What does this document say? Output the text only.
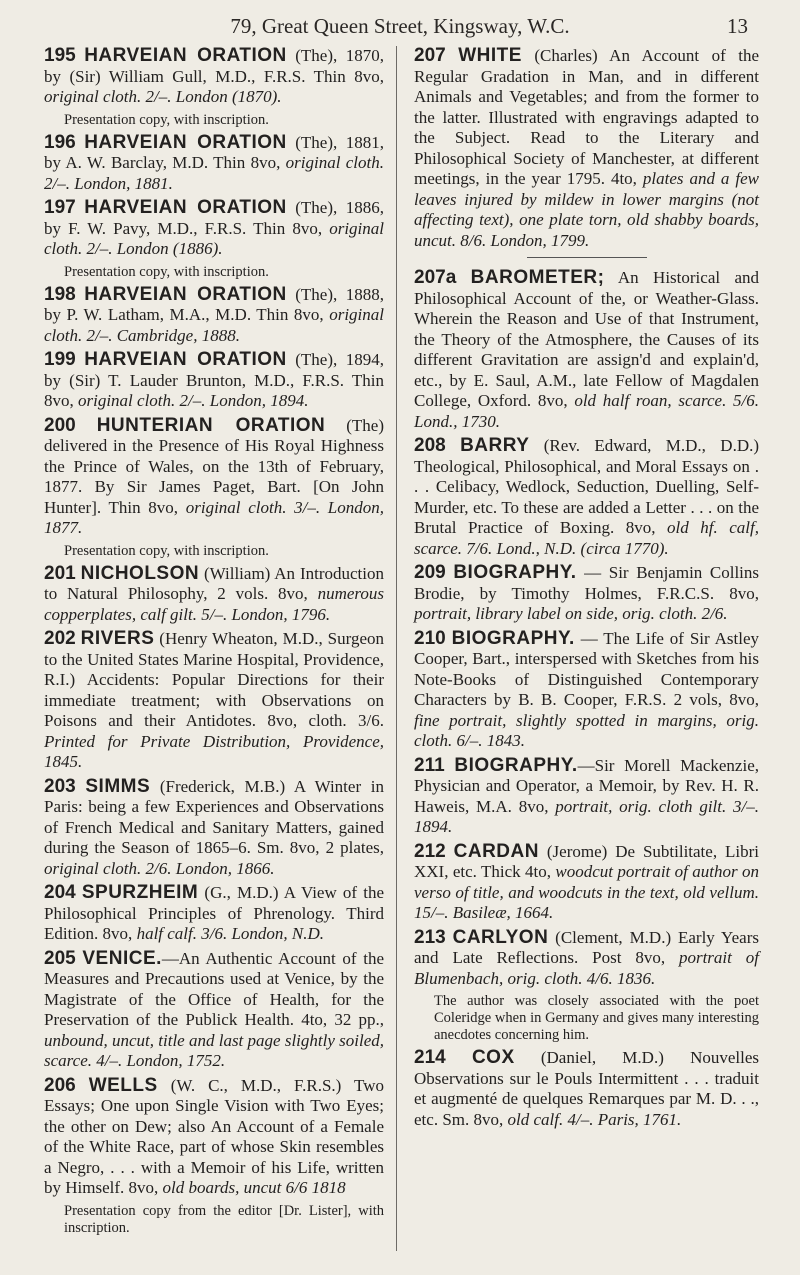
79, Great Queen Street, Kingsway, W.C.	13
195 HARVEIAN ORATION (The), 1870, by (Sir) William Gull, M.D., F.R.S. Thin 8vo, original cloth. 2/–. London (1870).
Presentation copy, with inscription.
196 HARVEIAN ORATION (The), 1881, by A. W. Barclay, M.D. Thin 8vo, original cloth. 2/–. London, 1881.
197 HARVEIAN ORATION (The), 1886, by F. W. Pavy, M.D., F.R.S. Thin 8vo, original cloth. 2/–. London (1886).
Presentation copy, with inscription.
198 HARVEIAN ORATION (The), 1888, by P. W. Latham, M.A., M.D. Thin 8vo, original cloth. 2/–. Cambridge, 1888.
199 HARVEIAN ORATION (The), 1894, by (Sir) T. Lauder Brunton, M.D., F.R.S. Thin 8vo, original cloth. 2/–. London, 1894.
200 HUNTERIAN ORATION (The) delivered in the Presence of His Royal Highness the Prince of Wales, on the 13th of February, 1877. By Sir James Paget, Bart. [On John Hunter]. Thin 8vo, original cloth. 3/–. London, 1877.
Presentation copy, with inscription.
201 NICHOLSON (William) An Introduction to Natural Philosophy, 2 vols. 8vo, numerous copperplates, calf gilt. 5/–. London, 1796.
202 RIVERS (Henry Wheaton, M.D., Surgeon to the United States Marine Hospital, Providence, R.I.) Accidents: Popular Directions for their immediate treatment; with Observations on Poisons and their Antidotes. 8vo, cloth. 3/6. Printed for Private Distribution, Providence, 1845.
203 SIMMS (Frederick, M.B.) A Winter in Paris: being a few Experiences and Observations of French Medical and Sanitary Matters, gained during the Season of 1865–6. Sm. 8vo, 2 plates, original cloth. 2/6. London, 1866.
204 SPURZHEIM (G., M.D.) A View of the Philosophical Principles of Phrenology. Third Edition. 8vo, half calf. 3/6. London, N.D.
205 VENICE.—An Authentic Account of the Measures and Precautions used at Venice, by the Magistrate of the Office of Health, for the Preservation of the Publick Health. 4to, 32 pp., unbound, uncut, title and last page slightly soiled, scarce. 4/–. London, 1752.
206 WELLS (W. C., M.D., F.R.S.) Two Essays; One upon Single Vision with Two Eyes; the other on Dew; also An Account of a Female of the White Race, part of whose Skin resembles a Negro, . . . with a Memoir of his Life, written by Himself. 8vo, old boards, uncut 6/6 1818
Presentation copy from the editor [Dr. Lister], with inscription.
207 WHITE (Charles) An Account of the Regular Gradation in Man, and in different Animals and Vegetables; and from the former to the latter. Illustrated with engravings adapted to the Subject. Read to the Literary and Philosophical Society of Manchester, at different meetings, in the year 1795. 4to, plates and a few leaves injured by mildew in lower margins (not affecting text), one plate torn, old shabby boards, uncut. 8/6. London, 1799.
207a BAROMETER; An Historical and Philosophical Account of the, or Weather-Glass. Wherein the Reason and Use of that Instrument, the Theory of the Atmosphere, the Causes of its different Gravitation are assign'd and explain'd, etc., by E. Saul, A.M., late Fellow of Magdalen College, Oxford. 8vo, old half roan, scarce. 5/6. Lond., 1730.
208 BARRY (Rev. Edward, M.D., D.D.) Theological, Philosophical, and Moral Essays on . . . Celibacy, Wedlock, Seduction, Duelling, Self-Murder, etc. To these are added a Letter . . . on the Brutal Practice of Boxing. 8vo, old hf. calf, scarce. 7/6. Lond., N.D. (circa 1770).
209 BIOGRAPHY. — Sir Benjamin Collins Brodie, by Timothy Holmes, F.R.C.S. 8vo, portrait, library label on side, orig. cloth. 2/6.
210 BIOGRAPHY. — The Life of Sir Astley Cooper, Bart., interspersed with Sketches from his Note-Books of Distinguished Contemporary Characters by B. B. Cooper, F.R.S. 2 vols, 8vo, fine portrait, slightly spotted in margins, orig. cloth. 6/–. 1843.
211 BIOGRAPHY.—Sir Morell Mackenzie, Physician and Operator, a Memoir, by Rev. H. R. Haweis, M.A. 8vo, portrait, orig. cloth gilt. 3/–. 1894.
212 CARDAN (Jerome) De Subtilitate, Libri XXI, etc. Thick 4to, woodcut portrait of author on verso of title, and woodcuts in the text, old vellum. 15/–. Basileæ, 1664.
213 CARLYON (Clement, M.D.) Early Years and Late Reflections. Post 8vo, portrait of Blumenbach, orig. cloth. 4/6. 1836.
The author was closely associated with the poet Coleridge when in Germany and gives many interesting anecdotes concerning him.
214 COX (Daniel, M.D.) Nouvelles Observations sur le Pouls Intermittent . . . traduit et augmenté de quelques Remarques par M. D. . ., etc. Sm. 8vo, old calf. 4/–. Paris, 1761.
